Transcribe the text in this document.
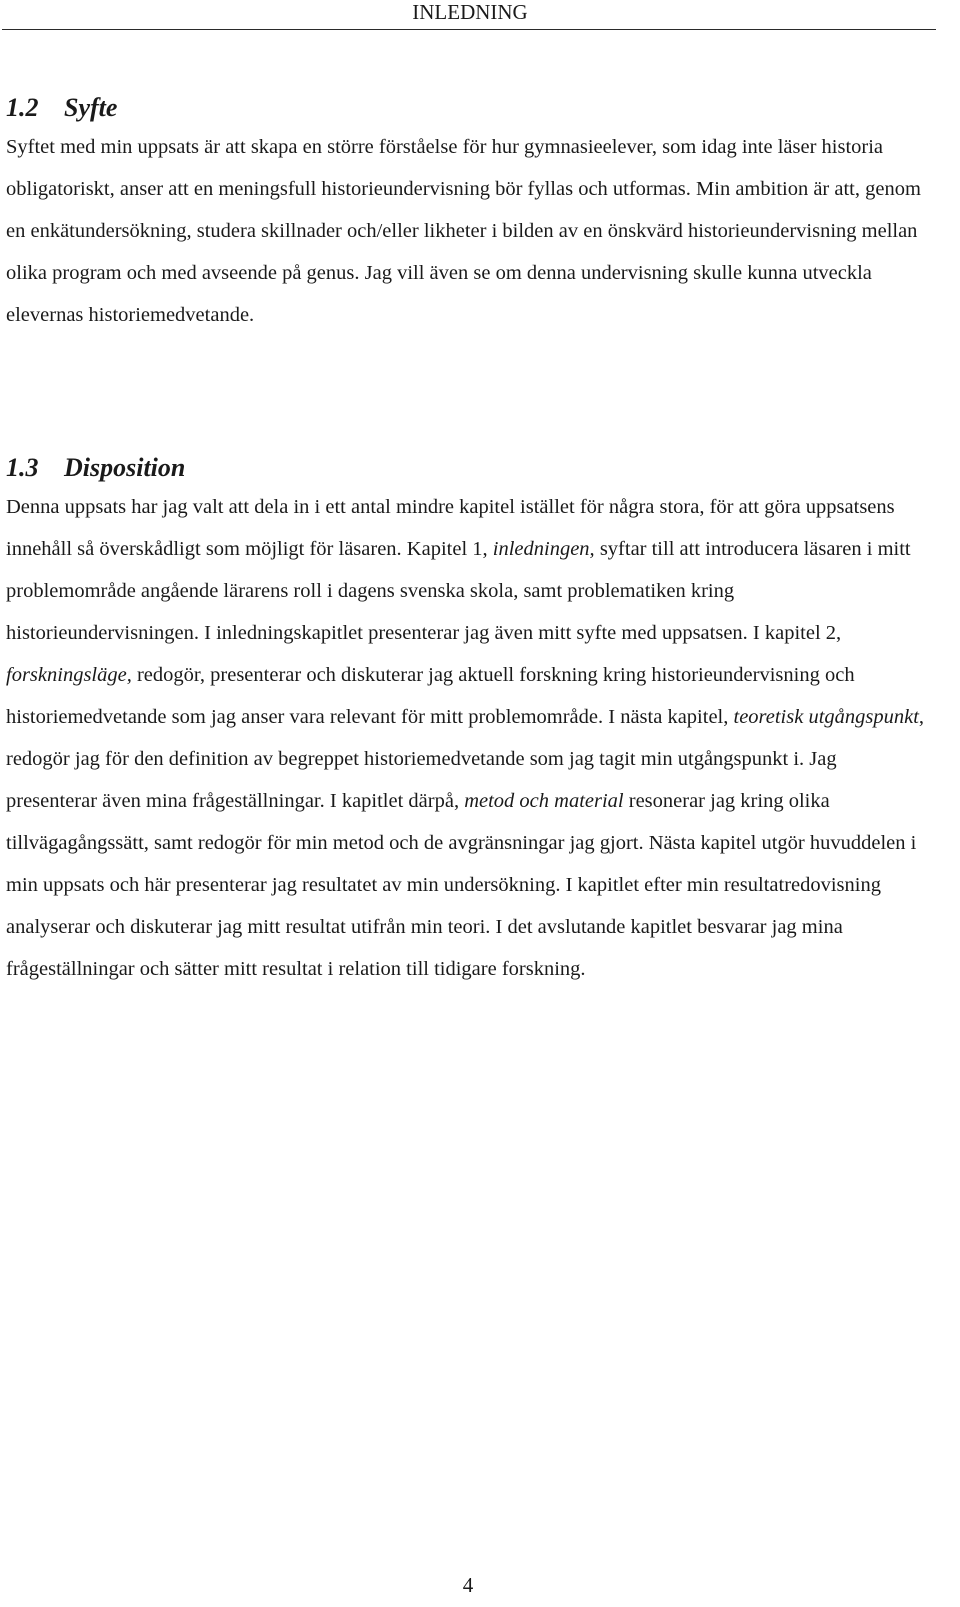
INLEDNING
1.2 Syfte

Syftet med min uppsats är att skapa en större förståelse för hur gymnasieelever, som idag inte läser historia obligatoriskt, anser att en meningsfull historieundervisning bör fyllas och utformas. Min ambition är att, genom en enkätundersökning, studera skillnader och/eller likheter i bilden av en önskvärd historieundervisning mellan olika program och med avseende på genus. Jag vill även se om denna undervisning skulle kunna utveckla elevernas historiemedvetande.

1.3 Disposition

Denna uppsats har jag valt att dela in i ett antal mindre kapitel istället för några stora, för att göra uppsatsens innehåll så överskådligt som möjligt för läsaren. Kapitel 1, inledningen, syftar till att introducera läsaren i mitt problemområde angående lärarens roll i dagens svenska skola, samt problematiken kring historieundervisningen. I inledningskapitlet presenterar jag även mitt syfte med uppsatsen. I kapitel 2, forskningsläge, redogör, presenterar och diskuterar jag aktuell forskning kring historieundervisning och historiemedvetande som jag anser vara relevant för mitt problemområde. I nästa kapitel, teoretisk utgångspunkt, redogör jag för den definition av begreppet historiemedvetande som jag tagit min utgångspunkt i. Jag presenterar även mina frågeställningar. I kapitlet därpå, metod och material resonerar jag kring olika tillvägagångssätt, samt redogör för min metod och de avgränsningar jag gjort. Nästa kapitel utgör huvuddelen i min uppsats och här presenterar jag resultatet av min undersökning. I kapitlet efter min resultatredovisning analyserar och diskuterar jag mitt resultat utifrån min teori. I det avslutande kapitlet besvarar jag mina frågeställningar och sätter mitt resultat i relation till tidigare forskning.

4
